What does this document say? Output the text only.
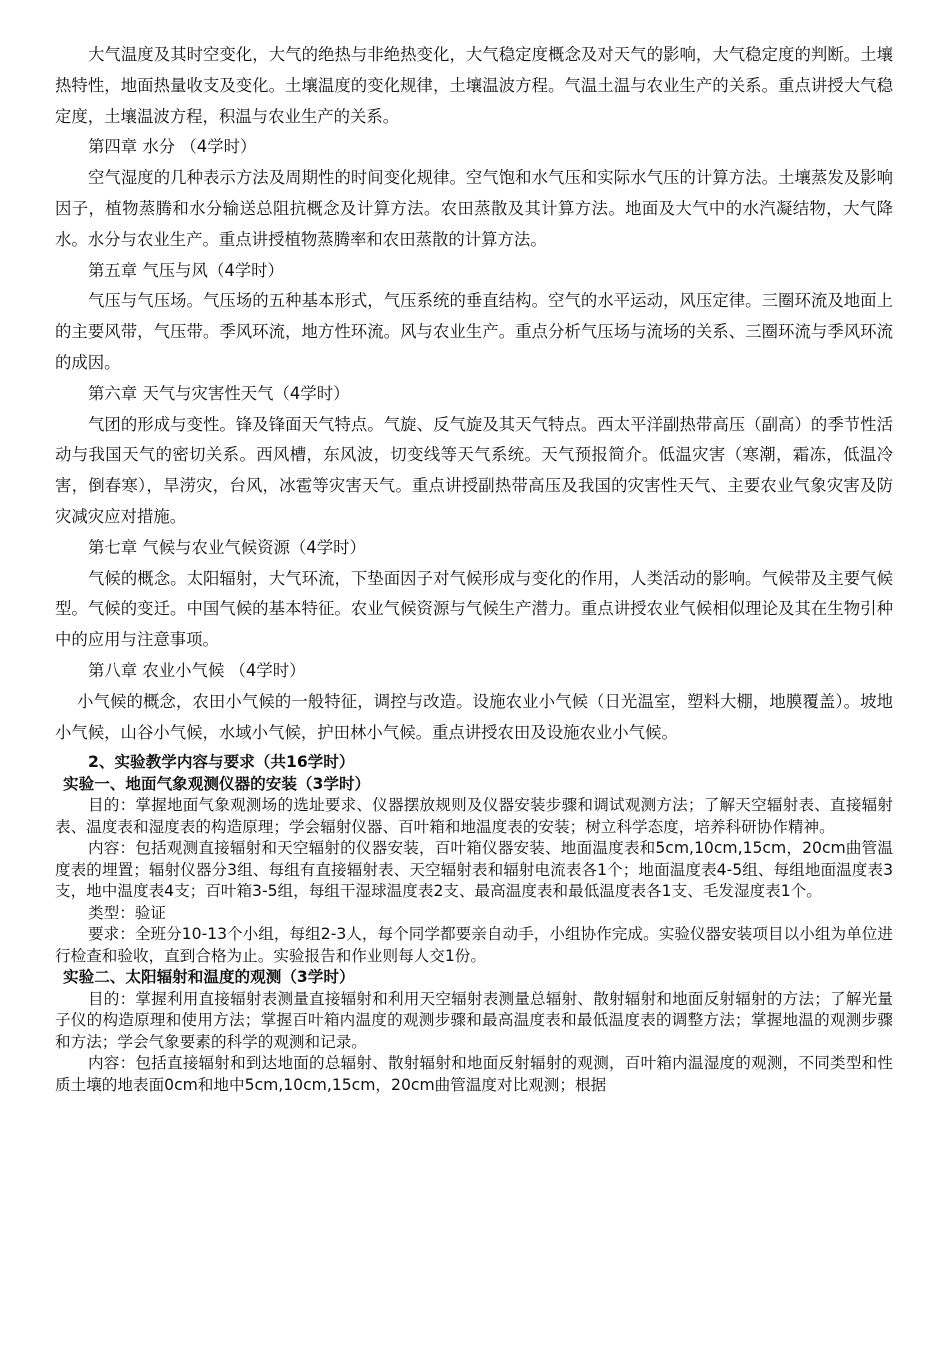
大气温度及其时空变化，大气的绝热与非绝热变化，大气稳定度概念及对天气的影响，大气稳定度的判断。土壤热特性，地面热量收支及变化。土壤温度的变化规律，土壤温波方程。气温土温与农业生产的关系。重点讲授大气稳定度，土壤温波方程，积温与农业生产的关系。

第四章 水分 （4学时）

空气湿度的几种表示方法及周期性的时间变化规律。空气饱和水气压和实际水气压的计算方法。土壤蒸发及影响因子，植物蒸腾和水分输送总阻抗概念及计算方法。农田蒸散及其计算方法。地面及大气中的水汽凝结物，大气降水。水分与农业生产。重点讲授植物蒸腾率和农田蒸散的计算方法。

第五章 气压与风（4学时）

气压与气压场。气压场的五种基本形式，气压系统的垂直结构。空气的水平运动，风压定律。三圈环流及地面上的主要风带，气压带。季风环流，地方性环流。风与农业生产。重点分析气压场与流场的关系、三圈环流与季风环流的成因。

第六章 天气与灾害性天气（4学时）

气团的形成与变性。锋及锋面天气特点。气旋、反气旋及其天气特点。西太平洋副热带高压（副高）的季节性活动与我国天气的密切关系。西风槽，东风波，切变线等天气系统。天气预报简介。低温灾害（寒潮，霜冻，低温冷害，倒春寒），旱涝灾，台风，冰雹等灾害天气。重点讲授副热带高压及我国的灾害性天气、主要农业气象灾害及防灾减灾应对措施。

第七章 气候与农业气候资源（4学时）

气候的概念。太阳辐射，大气环流，下垫面因子对气候形成与变化的作用，人类活动的影响。气候带及主要气候型。气候的变迁。中国气候的基本特征。农业气候资源与气候生产潜力。重点讲授农业气候相似理论及其在生物引种中的应用与注意事项。

第八章 农业小气候 （4学时）

小气候的概念，农田小气候的一般特征，调控与改造。设施农业小气候（日光温室，塑料大棚，地膜覆盖）。坡地小气候，山谷小气候，水域小气候，护田林小气候。重点讲授农田及设施农业小气候。

2、实验教学内容与要求（共16学时）

实验一、地面气象观测仪器的安装（3学时）

目的：掌握地面气象观测场的选址要求、仪器摆放规则及仪器安装步骤和调试观测方法；了解天空辐射表、直接辐射表、温度表和湿度表的构造原理；学会辐射仪器、百叶箱和地温度表的安装；树立科学态度，培养科研协作精神。

内容：包括观测直接辐射和天空辐射的仪器安装，百叶箱仪器安装、地面温度表和5cm,10cm,15cm，20cm曲管温度表的埋置；辐射仪器分3组、每组有直接辐射表、天空辐射表和辐射电流表各1个；地面温度表4-5组、每组地面温度表3支，地中温度表4支；百叶箱3-5组，每组干湿球温度表2支、最高温度表和最低温度表各1支、毛发湿度表1个。

类型：验证

要求：全班分10-13个小组，每组2-3人，每个同学都要亲自动手，小组协作完成。实验仪器安装项目以小组为单位进行检查和验收，直到合格为止。实验报告和作业则每人交1份。

实验二、太阳辐射和温度的观测（3学时）

目的：掌握利用直接辐射表测量直接辐射和利用天空辐射表测量总辐射、散射辐射和地面反射辐射的方法；了解光量子仪的构造原理和使用方法；掌握百叶箱内温度的观测步骤和最高温度表和最低温度表的调整方法；掌握地温的观测步骤和方法；学会气象要素的科学的观测和记录。

内容：包括直接辐射和到达地面的总辐射、散射辐射和地面反射辐射的观测，百叶箱内温湿度的观测，不同类型和性质土壤的地表面0cm和地中5cm,10cm,15cm，20cm曲管温度对比观测；根据
